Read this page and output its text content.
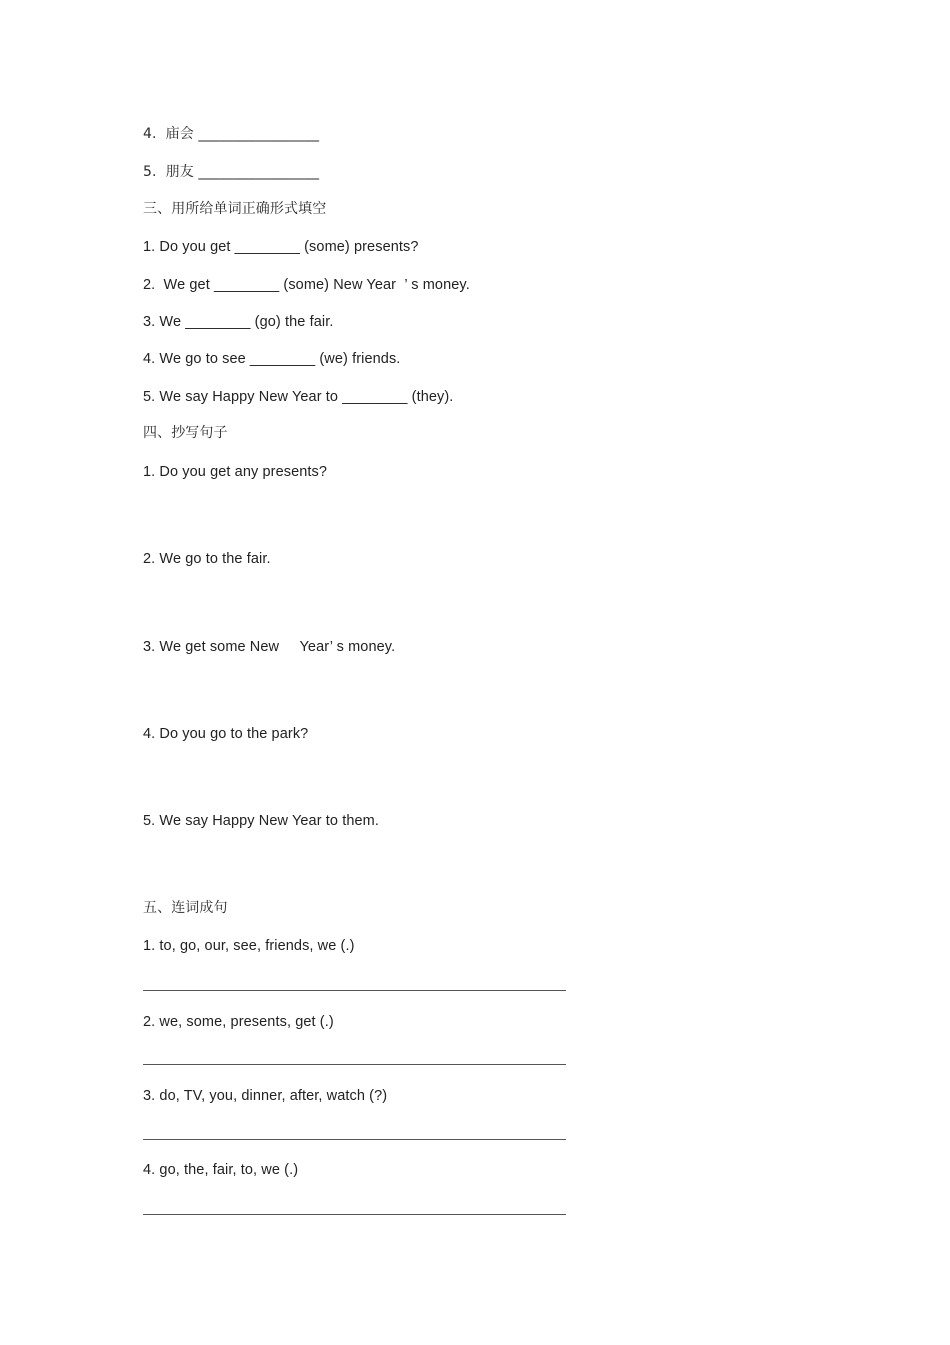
4.  庙会 _________________
5.  朋友 _________________
三、用所给单词正确形式填空
1. Do you get ________ (some) presents?
2.  We get ________ (some) New Year  ’ s money.
3. We ________ (go) the fair.
4. We go to see ________ (we) friends.
5. We say Happy New Year to ________ (they).
四、抄写句子
1. Do you get any presents?
2. We go to the fair.
3. We get some New     Year’ s money.
4. Do you go to the park?
5. We say Happy New Year to them.
五、连词成句
1. to, go, our, see, friends, we (.)
2. we, some, presents, get (.)
3. do, TV, you, dinner, after, watch (?)
4. go, the, fair, to, we (.)
